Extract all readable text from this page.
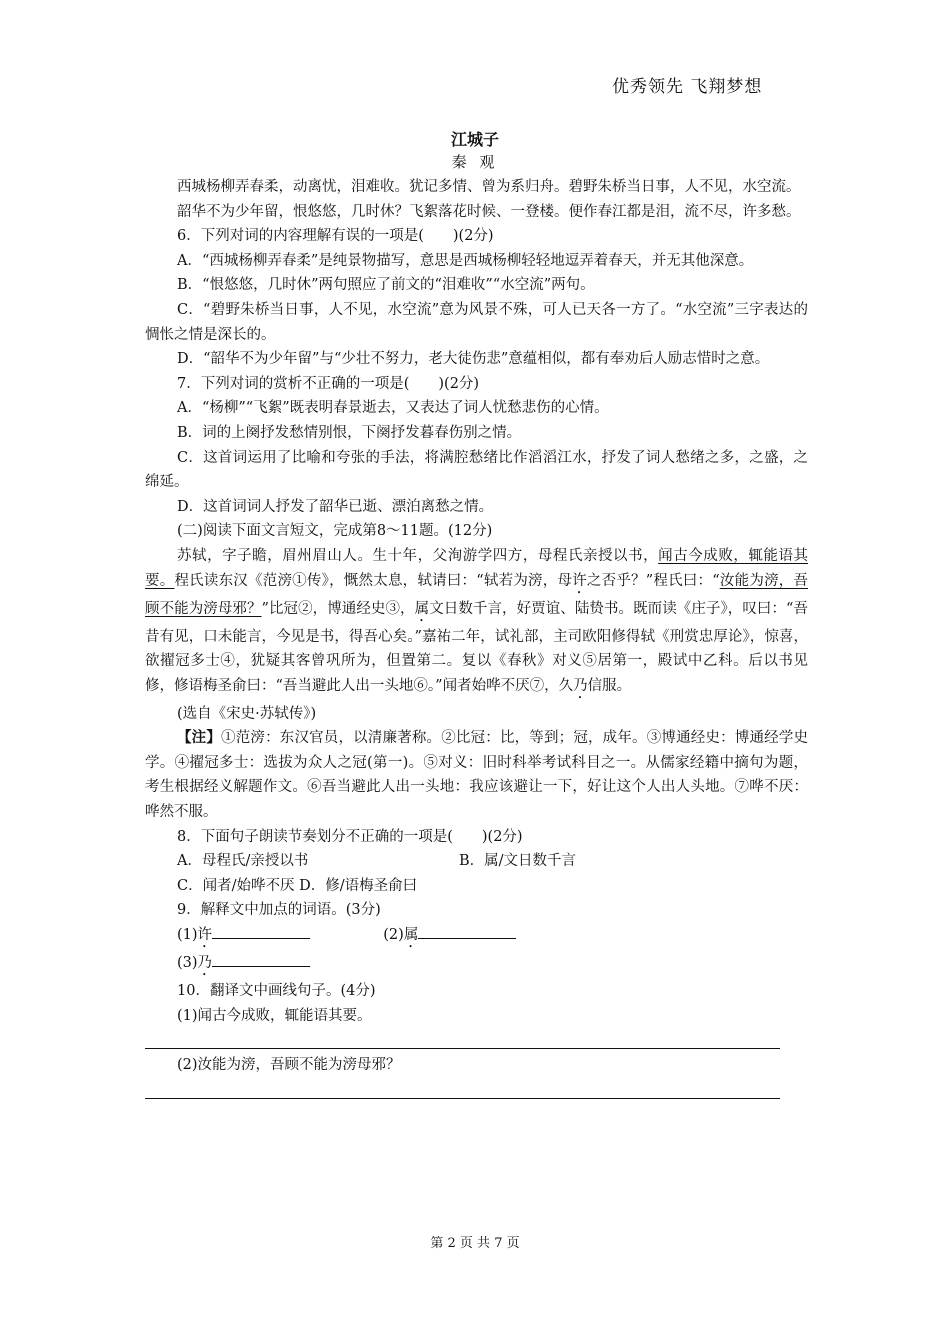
优秀领先 飞翔梦想
江城子
秦 观

西城杨柳弄春柔，动离忧，泪难收。犹记多情、曾为系归舟。碧野朱桥当日事，人不见，水空流。

韶华不为少年留，恨悠悠，几时休？飞絮落花时候、一登楼。便作春江都是泪，流不尽，许多愁。

6．下列对词的内容理解有误的一项是(　　)(2分)

A．“西城杨柳弄春柔”是纯景物描写，意思是西城杨柳轻轻地逗弄着春天，并无其他深意。

B．“恨悠悠，几时休”两句照应了前文的“泪难收”“水空流”两句。

C．“碧野朱桥当日事，人不见，水空流”意为风景不殊，可人已天各一方了。“水空流”三字表达的惆怅之情是深长的。

D．“韶华不为少年留”与“少壮不努力，老大徒伤悲”意蕴相似，都有奉劝后人励志惜时之意。

7．下列对词的赏析不正确的一项是(　　)(2分)

A．“杨柳”“飞絮”既表明春景逝去，又表达了词人忧愁悲伤的心情。

B．词的上阕抒发愁情别恨，下阕抒发暮春伤别之情。

C．这首词运用了比喻和夸张的手法，将满腔愁绪比作滔滔江水，抒发了词人愁绪之多，之盛，之绵延。

D．这首词词人抒发了韶华已逝、漂泊离愁之情。

(二)阅读下面文言短文，完成第8～11题。(12分)

苏轼，字子瞻，眉州眉山人。生十年，父洵游学四方，母程氏亲授以书，闻古今成败，辄能语其要。程氏读东汉《范滂①传》，慨然太息，轼请曰：“轼若为滂，母许之否乎？”程氏曰：“汝能为滂，吾顾不能为滂母邪？”比冠②，博通经史③，属文日数千言，好贾谊、陆贽书。既而读《庄子》，叹曰：“吾昔有见，口未能言，今见是书，得吾心矣。”嘉祐二年，试礼部，主司欧阳修得轼《刑赏忠厚论》，惊喜，欲擢冠多士④，犹疑其客曾巩所为，但置第二。复以《春秋》对义⑤居第一，殿试中乙科。后以书见修，修语梅圣俞曰：“吾当避此人出一头地⑥。”闻者始哗不厌⑦，久乃信服。

(选自《宋史·苏轼传》)

【注】①范滂：东汉官员，以清廉著称。②比冠：比，等到；冠，成年。③博通经史：博通经学史学。④擢冠多士：选拔为众人之冠(第一)。⑤对义：旧时科举考试科目之一。从儒家经籍中摘句为题，考生根据经义解题作文。⑥吾当避此人出一头地：我应该避让一下，好让这个人出人头地。⑦哗不厌：哗然不服。

8．下面句子朗读节奏划分不正确的一项是(　　)(2分)

A．母程氏/亲授以书	B．属/文日数千言
C．闻者/始哗不厌 D．修/语梅圣俞曰

9．解释文中加点的词语。(3分)

(1)许	(2)属
(3)乃

10．翻译文中画线句子。(4分)

(1)闻古今成败，辄能语其要。

(2)汝能为滂，吾顾不能为滂母邪？

第 2 页 共 7 页
